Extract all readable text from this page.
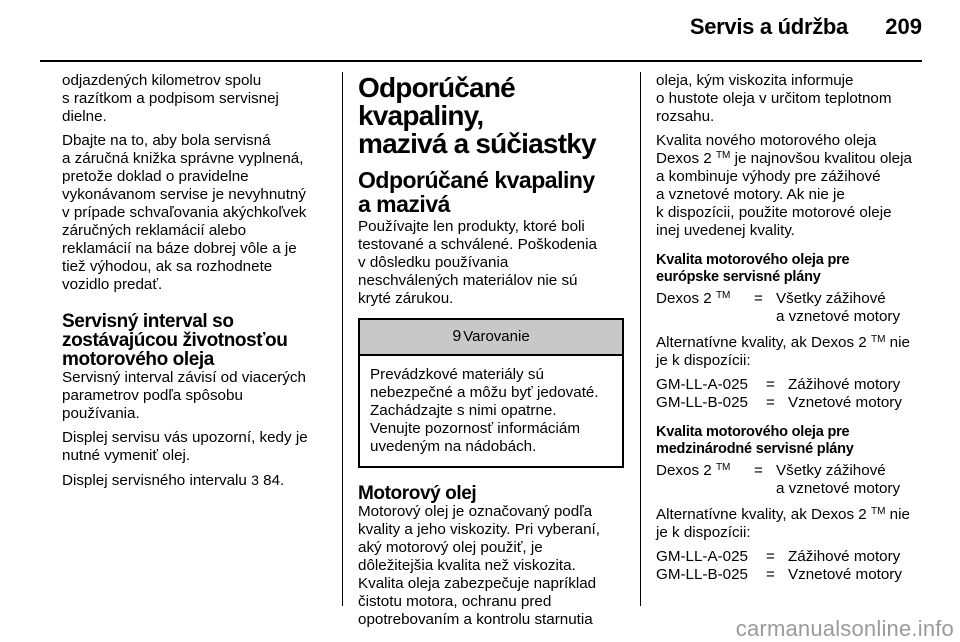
Servis a údržba 209

odjazdených kilometrov spolu
s razítkom a podpisom servisnej
dielne.

Dbajte na to, aby bola servisná
a záručná knižka správne vyplnená,
pretože doklad o pravidelne
vykonávanom servise je nevyhnutný
v prípade schvaľovania akýchkoľvek
záručných reklamácií alebo
reklamácií na báze dobrej vôle a je
tiež výhodou, ak sa rozhodnete
vozidlo predať.

Servisný interval so
zostávajúcou životnosťou
motorového oleja

Servisný interval závisí od viacerých
parametrov podľa spôsobu
používania.

Displej servisu vás upozorní, kedy je
nutné vymeniť olej.

Displej servisného intervalu 3 84.

Odporúčané kvapaliny,
mazivá a súčiastky
Odporúčané kvapaliny
a mazivá

Používajte len produkty, ktoré boli
testované a schválené. Poškodenia
v dôsledku používania
neschválených materiálov nie sú
kryté zárukou.

9 Varovanie
Prevádzkové materiály sú
nebezpečné a môžu byť jedovaté.
Zachádzajte s nimi opatrne.
Venujte pozornosť informáciám
uvedeným na nádobách.
Motorový olej

Motorový olej je označovaný podľa
kvality a jeho viskozity. Pri vyberaní,
aký motorový olej použiť, je
dôležitejšia kvalita než viskozita.
Kvalita oleja zabezpečuje napríklad
čistotu motora, ochranu pred
opotrebovaním a kontrolu starnutia

oleja, kým viskozita informuje
o hustote oleja v určitom teplotnom
rozsahu.

Kvalita nového motorového oleja
Dexos 2 ™ je najnovšou kvalitou oleja
a kombinuje výhody pre zážihové
a vznetové motory. Ak nie je
k dispozícii, použite motorové oleje
inej uvedenej kvality.

Kvalita motorového oleja pre
európske servisné plány
Dexos 2 ™	= Všetky zážihové
a vznetové motory

Alternatívne kvality, ak Dexos 2 ™ nie
je k dispozícii:

GM-LL-A-025	= Zážihové motory
GM-LL-B-025	= Vznetové motory
Kvalita motorového oleja pre
medzinárodné servisné plány
Dexos 2 ™	= Všetky zážihové
a vznetové motory

Alternatívne kvality, ak Dexos 2 ™ nie
je k dispozícii:

GM-LL-A-025	= Zážihové motory
GM-LL-B-025	= Vznetové motory
carmanualsonline.info
